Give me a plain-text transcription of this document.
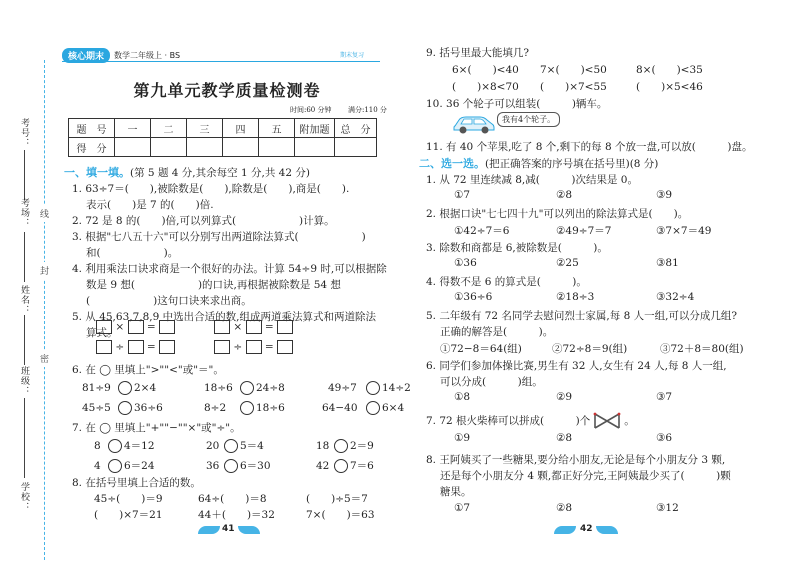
考号：
考场：
姓名：
班级：
学校：
线
封
密
核心期末	数学二年级上 · BS	期末复习
第九单元教学质量检测卷
时间:60 分钟 满分:110 分
题　号	一	二	三	四	五	附加题	总　分
得　分							
一、填一填。(第 5 题 4 分,其余每空 1 分,共 42 分)
1. 63÷7＝(　　),被除数是(　　),除数是(　　),商是(　　).
表示(　　)是 7 的(　　)倍.
2. 72 是 8 的(　　)倍,可以列算式(　　　　　　)计算。
3. 根据"七八五十六"可以分别写出两道除法算式(　　　　　　)
和(　　　　　　)。
4. 利用乘法口诀求商是一个很好的办法。计算 54÷9 时,可以根据除
数是 9 想(　　　　　　)的口诀,再根据被除数是 54 想
(　　　　　　)这句口诀来求出商。
5. 从 45,63,7,8,9 中选出合适的数,组成两道乘法算式和两道除法
算式。
× =	× =
÷ =	÷ =
6. 在 ◯ 里填上">""<"或"＝"。
81÷9 2×4	18÷6 24÷8	49÷7 14÷2
45÷5 36÷6	8÷2	18÷6	64−40 6×4
7. 在 ◯ 里填上"+""−""×"或"÷"。
8 4＝12	20 5＝4	18 2＝9
4 6＝24	36 6＝30	42 7＝6
8. 在括号里填上合适的数。
45÷(　　)＝9	64÷(　　)＝8	(　　)÷5＝7
(　　)×7＝21	44＋(　　)＝32	7×(　　)＝63
41
9. 括号里最大能填几?
6×(　　)<40 7×(　　)<50	8×(　　)<35
(　　)×8<70 (　　)×7<55	(　　)×5<46
10. 36 个轮子可以组装(　　　)辆车。
我有4个轮子。
11. 有 40 个苹果,吃了 8 个,剩下的每 8 个放一盘,可以放(　　　)盘。
二、选一选。(把正确答案的序号填在括号里)(8 分)
1. 从 72 里连续减 8,减(　　　)次结果是 0。
①7	②8	③9
2. 根据口诀"七七四十九"可以列出的除法算式是(　　)。
①42÷7＝6	②49÷7＝7	③7×7＝49
3. 除数和商都是 6,被除数是(　　　)。
①36	②25	③81
4. 得数不是 6 的算式是(　　　)。
①36÷6	②18÷3	③32÷4
5. 二年级有 72 名同学去慰问烈士家属,每 8 人一组,可以分成几组?
正确的解答是(　　　)。
①72−8＝64(组)	②72÷8＝9(组)	③72＋8＝80(组)
6. 同学们参加体操比赛,男生有 32 人,女生有 24 人,每 8 人一组,
可以分成(　　　)组。
①8	②9	③7
7. 72 根火柴棒可以拼成(　　　)个	。
①9	②8	③6
8. 王阿姨买了一些糖果,要分给小朋友,无论是每个小朋友分 3 颗,
还是每个小朋友分 4 颗,都正好分完,王阿姨最少买了(　　　)颗
糖果。
①7	②8	③12
42
